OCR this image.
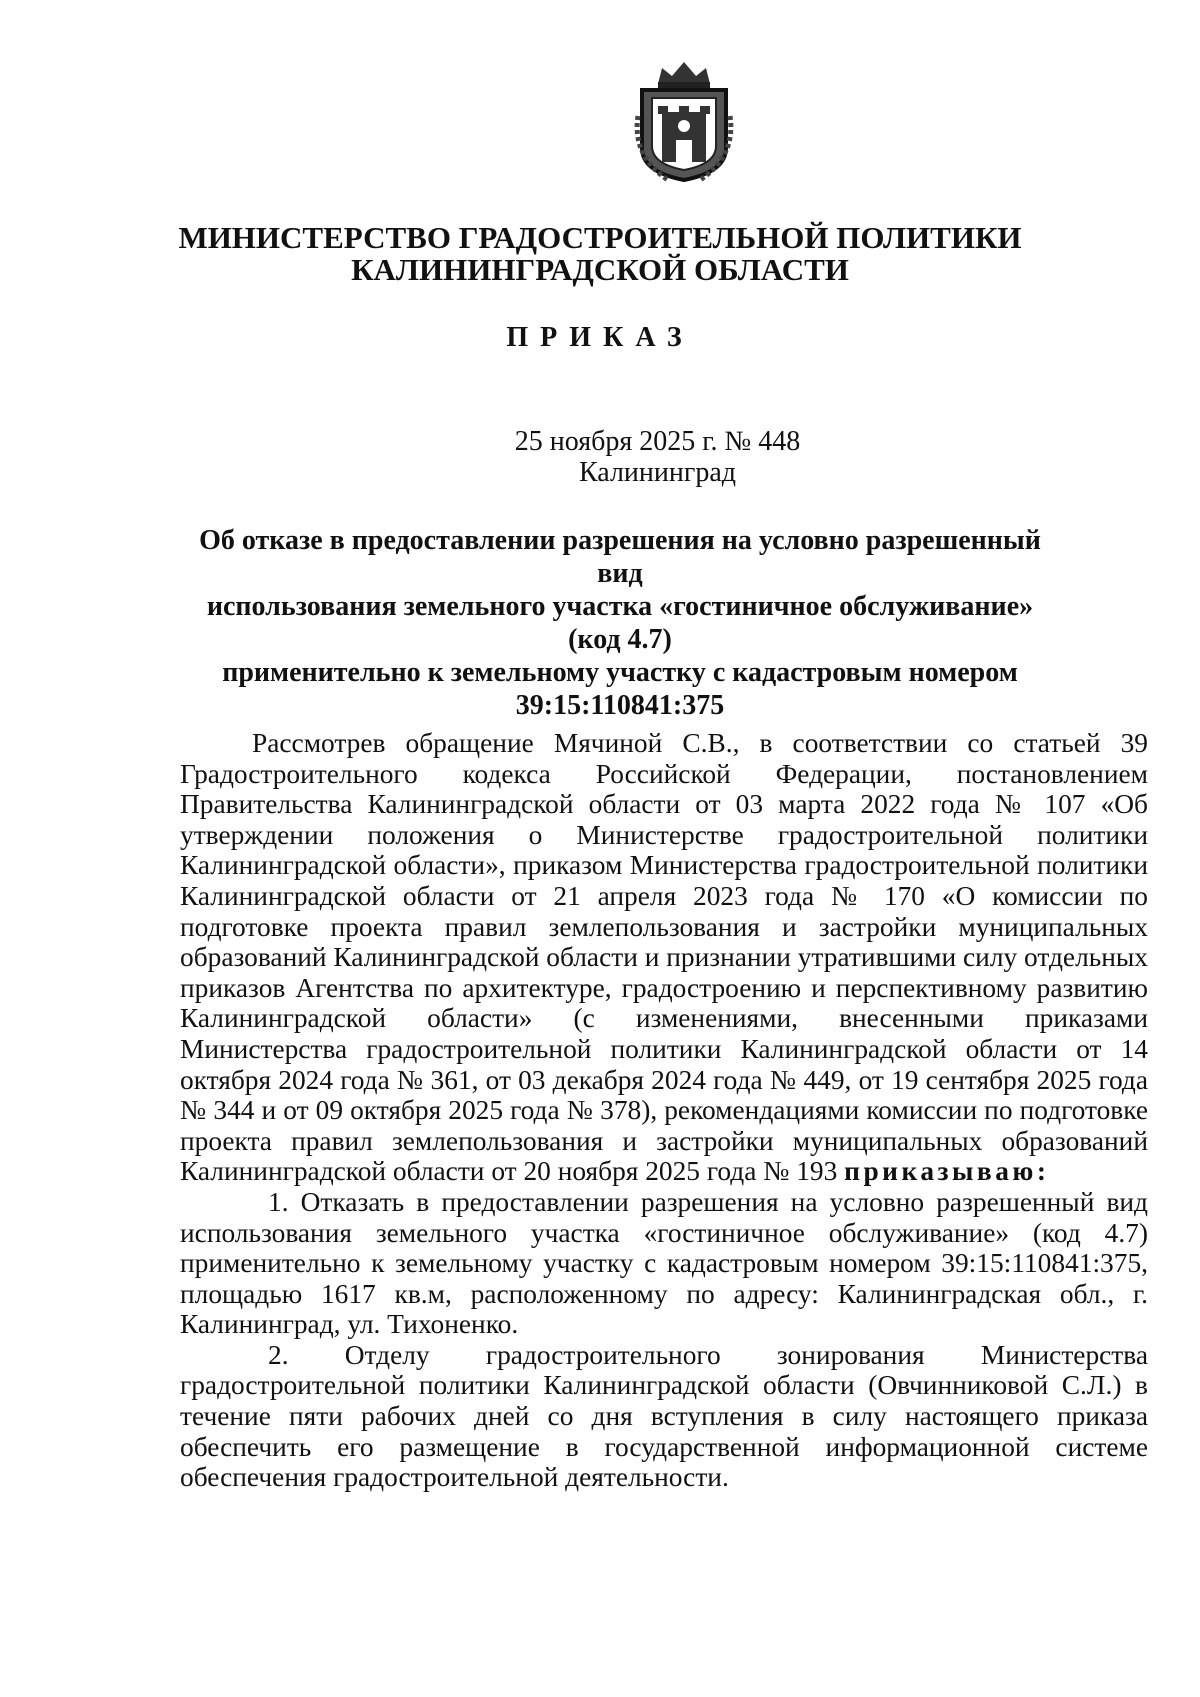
МИНИСТЕРСТВО ГРАДОСТРОИТЕЛЬНОЙ ПОЛИТИКИ
КАЛИНИНГРАДСКОЙ ОБЛАСТИ
ПРИКАЗ
25 ноября 2025 г. № 448
Калининград
Об отказе в предоставлении разрешения на условно разрешенный вид
использования земельного участка «гостиничное обслуживание» (код 4.7)
применительно к земельному участку с кадастровым номером
39:15:110841:375

Рассмотрев обращение Мячиной С.В., в соответствии со статьей 39 Градостроительного кодекса Российской Федерации, постановлением Правительства Калининградской области от 03 марта 2022 года № 107 «Об утверждении положения о Министерстве градостроительной политики Калининградской области», приказом Министерства градостроительной политики Калининградской области от 21 апреля 2023 года № 170 «О комиссии по подготовке проекта правил землепользования и застройки муниципальных образований Калининградской области и признании утратившими силу отдельных приказов Агентства по архитектуре, градостроению и перспективному развитию Калининградской области» (с изменениями, внесенными приказами Министерства градостроительной политики Калининградской области от 14 октября 2024 года № 361, от 03 декабря 2024 года № 449, от 19 сентября 2025 года № 344 и от 09 октября 2025 года № 378), рекомендациями комиссии по подготовке проекта правил землепользования и застройки муниципальных образований Калининградской области от 20 ноября 2025 года № 193 приказываю:

1. Отказать в предоставлении разрешения на условно разрешенный вид использования земельного участка «гостиничное обслуживание» (код 4.7) применительно к земельному участку с кадастровым номером 39:15:110841:375, площадью 1617 кв.м, расположенному по адресу: Калининградская обл., г. Калининград, ул. Тихоненко.

2. Отделу градостроительного зонирования Министерства градостроительной политики Калининградской области (Овчинниковой С.Л.) в течение пяти рабочих дней со дня вступления в силу настоящего приказа обеспечить его размещение в государственной информационной системе обеспечения градостроительной деятельности.
